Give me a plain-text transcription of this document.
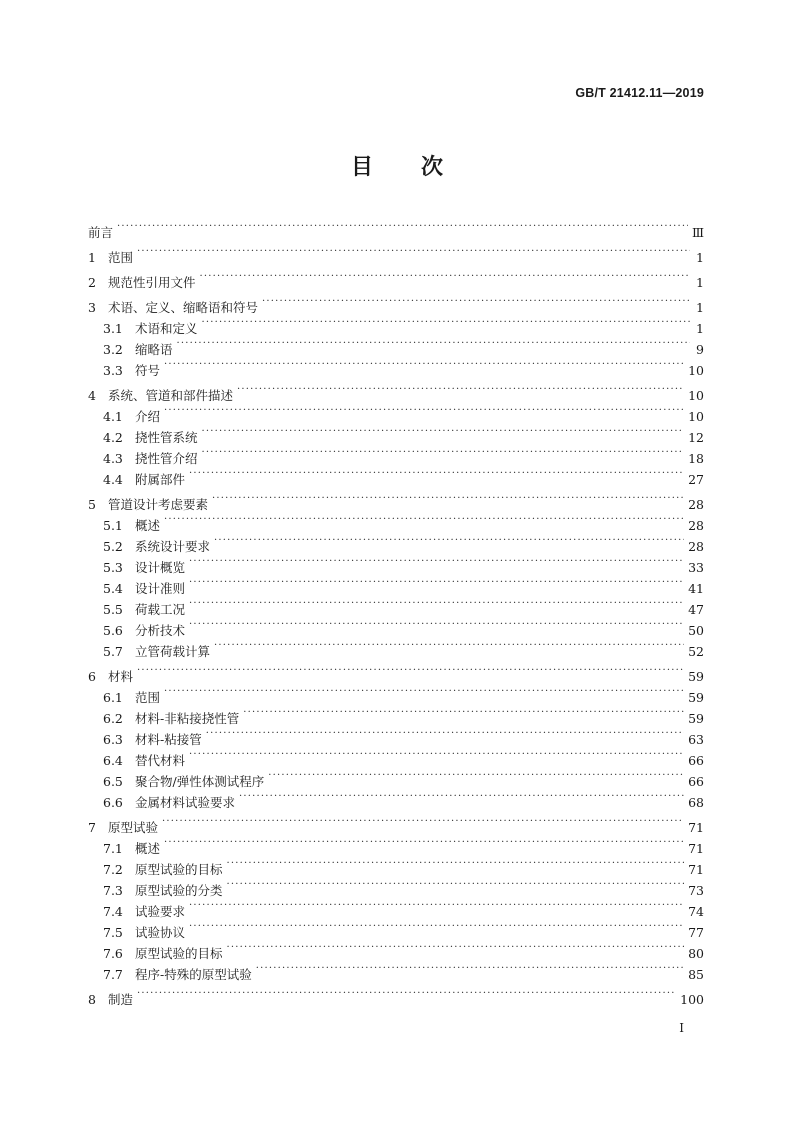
GB/T 21412.11—2019
目 次
前言 ·····	Ⅲ
1 范围 ·····	1
2 规范性引用文件 ·····	1
3 术语、定义、缩略语和符号 ·····	1
3.1 术语和定义 ·····	1
3.2 缩略语 ·····	9
3.3 符号 ·····	10
4 系统、管道和部件描述 ·····	10
4.1 介绍 ·····	10
4.2 挠性管系统 ·····	12
4.3 挠性管介绍 ·····	18
4.4 附属部件 ·····	27
5 管道设计考虑要素 ·····	28
5.1 概述 ·····	28
5.2 系统设计要求 ·····	28
5.3 设计概览 ·····	33
5.4 设计准则 ·····	41
5.5 荷载工况 ·····	47
5.6 分析技术 ·····	50
5.7 立管荷载计算 ·····	52
6 材料 ·····	59
6.1 范围 ·····	59
6.2 材料-非粘接挠性管 ·····	59
6.3 材料-粘接管 ·····	63
6.4 替代材料 ·····	66
6.5 聚合物/弹性体测试程序 ·····	66
6.6 金属材料试验要求 ·····	68
7 原型试验 ·····	71
7.1 概述 ·····	71
7.2 原型试验的目标 ·····	71
7.3 原型试验的分类 ·····	73
7.4 试验要求 ·····	74
7.5 试验协议 ·····	77
7.6 原型试验的目标 ·····	80
7.7 程序-特殊的原型试验 ·····	85
8 制造 ·····	100
I
